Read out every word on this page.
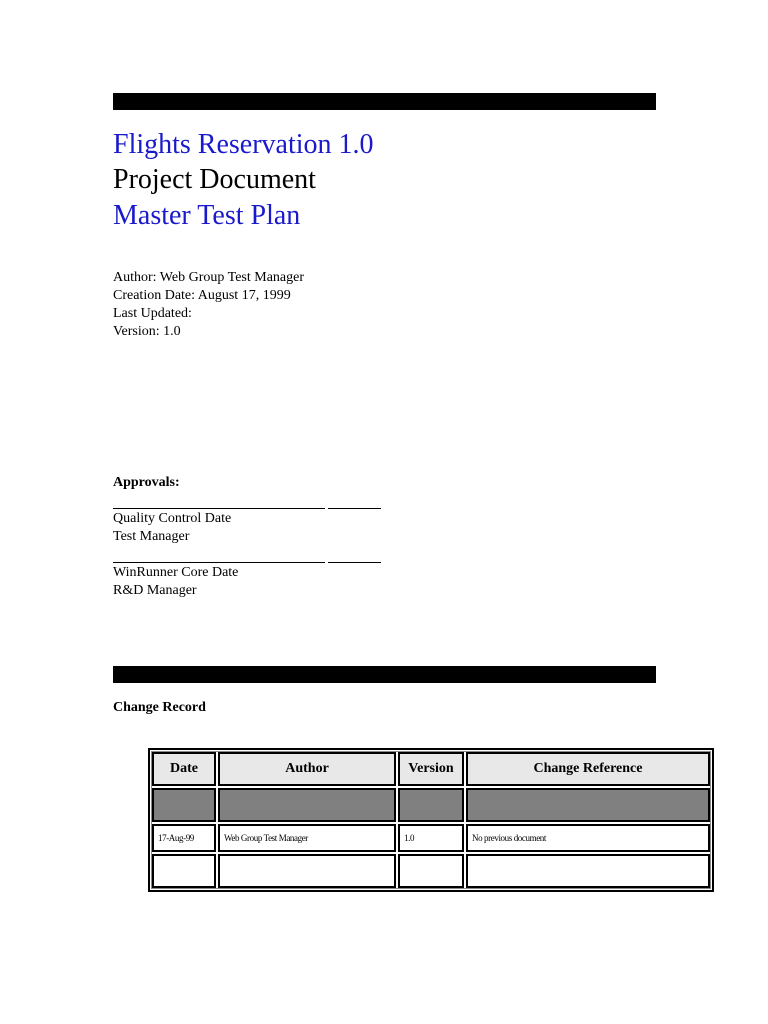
Flights Reservation 1.0
Project Document
Master Test Plan
Author: Web Group Test Manager
Creation Date: August 17, 1999
Last Updated:
Version: 1.0
Approvals:
Quality Control Date
Test Manager
WinRunner Core Date
R&D Manager
Change Record
Date	Author	Version	Change Reference

17-Aug-99	Web Group Test Manager	1.0	No previous document
